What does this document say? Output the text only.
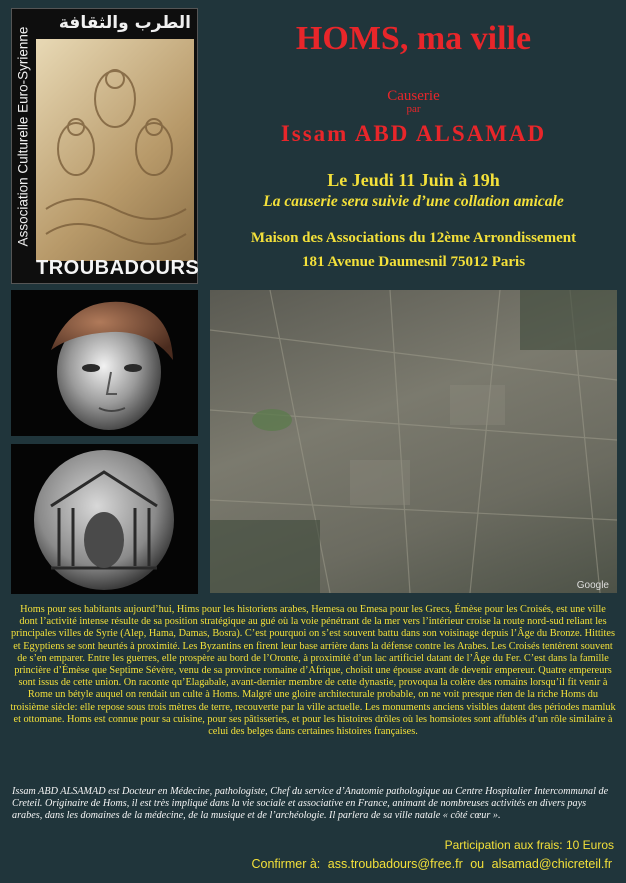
الطرب والثقافة
Association Culturelle Euro-Syrienne
TROUBADOURS
Google
HOMS, ma ville
Causerie
par
Issam ABD ALSAMAD
Le Jeudi 11 Juin à 19h
La causerie sera suivie d’une collation amicale
Maison des Associations du 12ème Arrondissement
181 Avenue Daumesnil 75012 Paris
Homs pour ses habitants aujourd’hui, Hims pour les historiens arabes, Hemesa ou Emesa pour les Grecs, Émèse pour les Croisés, est une ville dont l’activité intense résulte de sa position stratégique au gué où la voie pénétrant de la mer vers l’intérieur croise la route nord-sud reliant les principales villes de Syrie (Alep, Hama, Damas, Bosra). C’est pourquoi on s’est souvent battu dans son voisinage depuis l’Âge du Bronze. Hittites et Egyptiens se sont heurtés à proximité. Les Byzantins en firent leur base arrière dans la défense contre les Arabes. Les Croisés tentèrent souvent de s’en emparer. Entre les guerres, elle prospère au bord de l’Oronte, à proximité d’un lac artificiel datant de l’Âge du Fer. C’est dans la famille princière d’Émèse que Septime Sévère, venu de sa province romaine d’Afrique, choisit une épouse avant de devenir empereur. Quatre empereurs sont issus de cette union. On raconte qu’Elagabale, avant-dernier membre de cette dynastie, provoqua la colère des romains lorsqu’il fit venir à Rome un bétyle auquel on rendait un culte à Homs. Malgré une gloire architecturale probable, on ne voit presque rien de la riche Homs du troisième siècle: elle repose sous trois mètres de terre, recouverte par la ville actuelle. Les monuments anciens visibles datent des périodes mamluk et ottomane. Homs est connue pour sa cuisine, pour ses pâtisseries, et pour les histoires drôles où les homsiotes sont affublés d’un rôle similaire à celui des belges dans certaines histoires françaises.
Issam ABD ALSAMAD est Docteur en Médecine, pathologiste, Chef du service d’Anatomie pathologique au Centre Hospitalier Intercommunal de Creteil. Originaire de Homs, il est très impliqué dans la vie sociale et associative en France, animant de nombreuses activités en divers pays arabes, dans les domaines de la médecine, de la musique et de l’archéologie. Il parlera de sa ville natale « côté cœur ».
Participation aux frais: 10 Euros
Confirmer à: ass.troubadours@free.fr ou alsamad@chicreteil.fr
